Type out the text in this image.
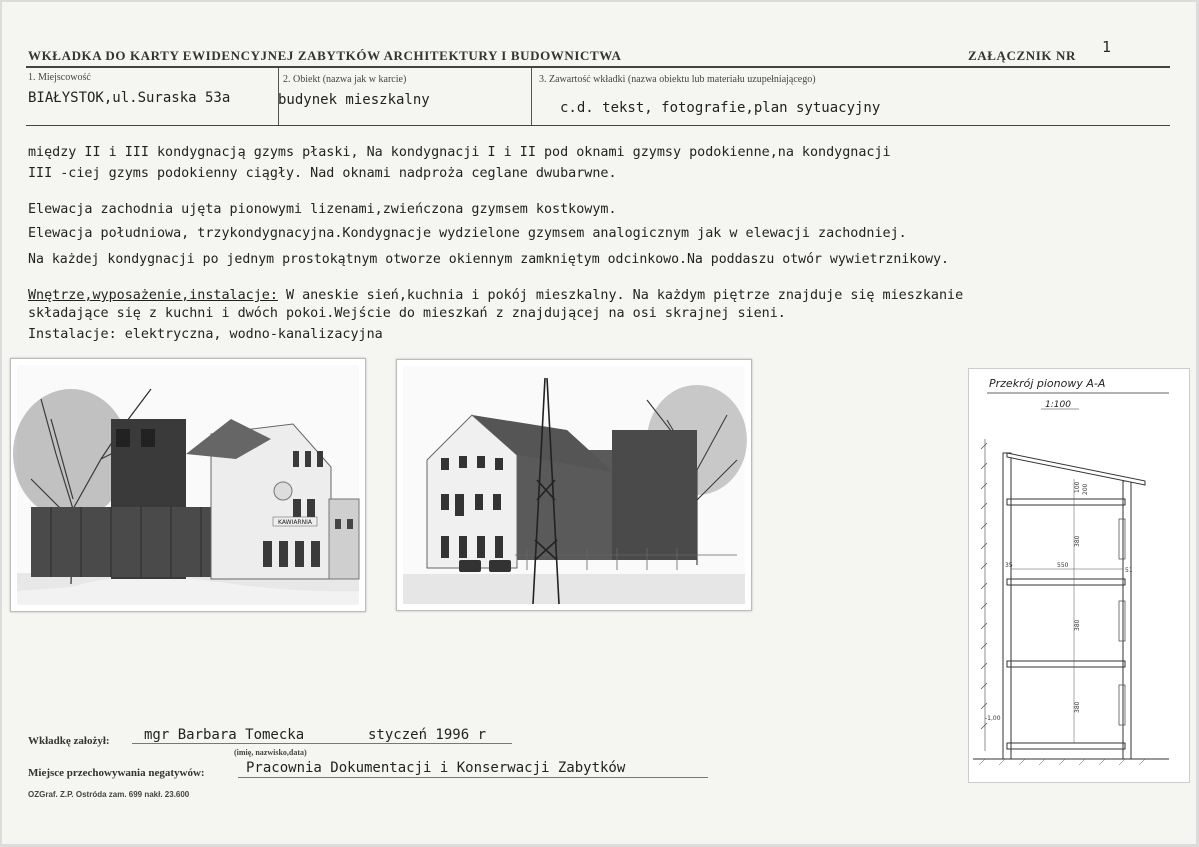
WKŁADKA DO KARTY EWIDENCYJNEJ ZABYTKÓW ARCHITEKTURY I BUDOWNICTWA	ZAŁĄCZNIK NR 1
1. Miejscowość	2. Obiekt (nazwa jak w karcie)	3. Zawartość wkładki (nazwa obiektu lub materiału uzupełniającego)
BIAŁYSTOK,ul.Suraska 53a	budynek mieszkalny	c.d. tekst, fotografie,plan sytuacyjny
między II i III kondygnacją gzyms płaski, Na kondygnacji I i II pod oknami gzymsy podokienne,na kondygnacji
III -ciej gzyms podokienny ciągły. Nad oknami nadproża ceglane dwubarwne.
Elewacja zachodnia ujęta pionowymi lizenami,zwieńczona gzymsem kostkowym.
Elewacja południowa, trzykondygnacyjna.Kondygnacje wydzielone gzymsem analogicznym jak w elewacji zachodniej.
Na każdej kondygnacji po jednym prostokątnym otworze okiennym zamkniętym odcinkowo.Na poddaszu otwór wywietrznikowy.
Wnętrze,wyposażenie,instalacje: W aneskie sień,kuchnia i pokój mieszkalny. Na każdym piętrze znajduje się mieszkanie
składające się z kuchni i dwóch pokoi.Wejście do mieszkań z znajdującej na osi skrajnej sieni.
Instalacje: elektryczna, wodno-kanalizacyjna
KAWIARNIA
Przekrój pionowy A-A
1:100
100 200
380
35	550
51
380
380
-1,00
Wkładkę założył: mgr Barbara Tomecka	styczeń 1996 r
(imię, nazwisko,data)
Miejsce przechowywania negatywów:	Pracownia Dokumentacji i Konserwacji Zabytków
OZGraf. Z.P. Ostróda zam. 699 nakł. 23.600
